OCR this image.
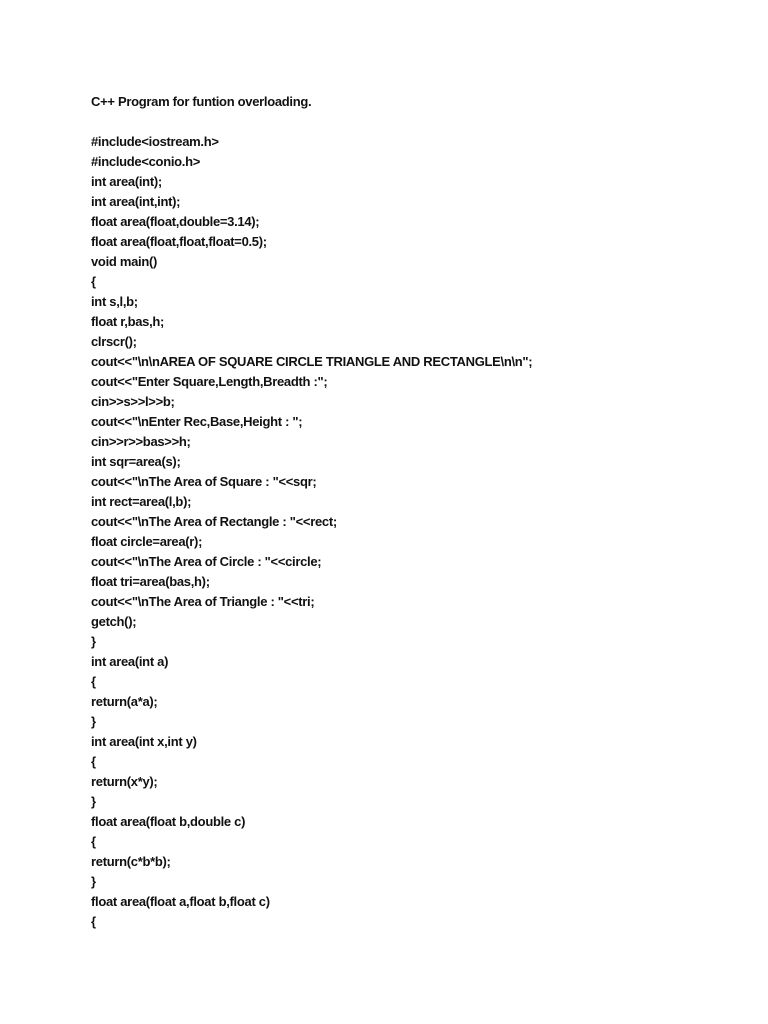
C++ Program for funtion overloading.
#include<iostream.h>
#include<conio.h>
int area(int);
int area(int,int);
float area(float,double=3.14);
float area(float,float,float=0.5);
void main()
{
int s,l,b;
float r,bas,h;
clrscr();
cout<<"\n\nAREA OF SQUARE CIRCLE TRIANGLE AND RECTANGLE\n\n";
cout<<"Enter Square,Length,Breadth :";
cin>>s>>l>>b;
cout<<"\nEnter Rec,Base,Height : ";
cin>>r>>bas>>h;
int sqr=area(s);
cout<<"\nThe Area of Square : "<<sqr;
int rect=area(l,b);
cout<<"\nThe Area of Rectangle : "<<rect;
float circle=area(r);
cout<<"\nThe Area of Circle : "<<circle;
float tri=area(bas,h);
cout<<"\nThe Area of Triangle : "<<tri;
getch();
}
int area(int a)
{
return(a*a);
}
int area(int x,int y)
{
return(x*y);
}
float area(float b,double c)
{
return(c*b*b);
}
float area(float a,float b,float c)
{
